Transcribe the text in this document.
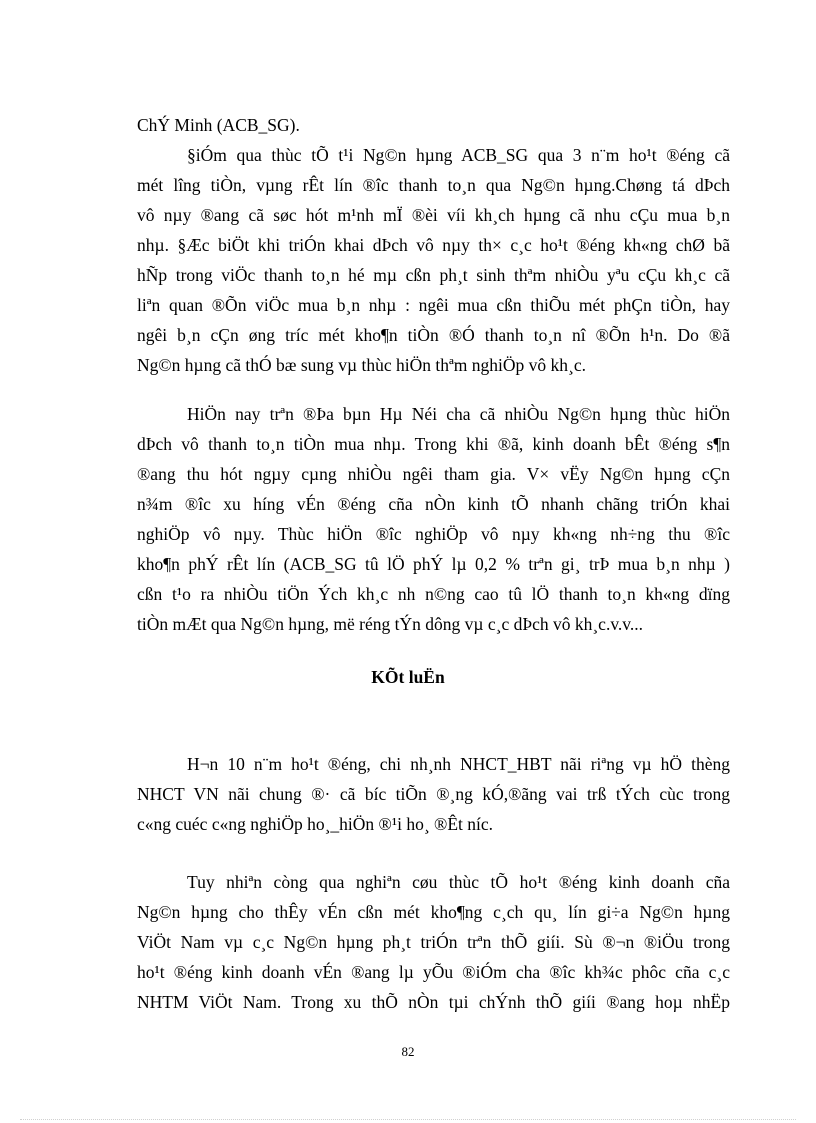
ChÝ Minh (ACB_SG).
§iÓm qua thùc tÕ t¹i Ng©n hµng ACB_SG qua 3 n¨m ho¹t ®éng cã
mét lîng tiÒn, vµng rÊt lín ®îc thanh to¸n qua Ng©n hµng.Chøng tá dÞch
vô nµy ®ang cã søc hót m¹nh mÏ ®èi víi kh¸ch hµng cã nhu cÇu mua b¸n
nhµ. §Æc biÖt khi triÓn khai dÞch vô nµy th× c¸c ho¹t ®éng kh«ng chØ bã
hÑp trong viÖc thanh to¸n hé mµ cßn ph¸t sinh thªm nhiÒu yªu cÇu kh¸c cã
liªn quan ®Õn viÖc mua b¸n nhµ : ngêi mua cßn thiÕu mét phÇn tiÒn, hay
ngêi b¸n cÇn øng tríc mét kho¶n tiÒn ®Ó thanh to¸n nî ®Õn h¹n. Do ®ã
Ng©n hµng cã thÓ bæ sung vµ thùc hiÖn thªm nghiÖp vô kh¸c.
HiÖn nay trªn ®Þa bµn Hµ Néi cha cã nhiÒu Ng©n hµng thùc hiÖn
dÞch vô thanh to¸n tiÒn mua nhµ. Trong khi ®ã, kinh doanh bÊt ®éng s¶n
®ang thu hót ngµy cµng nhiÒu ngêi tham gia. V× vËy Ng©n hµng cÇn
n¾m ®îc xu híng vÉn ®éng cña nÒn kinh tÕ nhanh chãng triÓn khai
nghiÖp vô nµy. Thùc hiÖn ®îc nghiÖp vô nµy kh«ng nh÷ng thu ®îc
kho¶n phÝ rÊt lín (ACB_SG tû lÖ phÝ lµ 0,2 % trªn gi¸ trÞ mua b¸n nhµ )
cßn t¹o ra nhiÒu tiÖn Ých kh¸c nh n©ng cao tû lÖ thanh to¸n kh«ng dïng
tiÒn mÆt qua Ng©n hµng, më réng tÝn dông vµ c¸c dÞch vô kh¸c.v.v...
KÕt luËn
H¬n 10 n¨m ho¹t ®éng, chi nh¸nh NHCT_HBT nãi riªng vµ hÖ thèng
NHCT VN nãi chung ®· cã bíc tiÕn ®¸ng kÓ,®ãng vai trß tÝch cùc trong
c«ng cuéc c«ng nghiÖp ho¸_hiÖn ®¹i ho¸ ®Êt níc.
Tuy nhiªn còng qua nghiªn cøu thùc tÕ ho¹t ®éng kinh doanh cña
Ng©n hµng cho thÊy vÉn cßn mét kho¶ng c¸ch qu¸ lín gi÷a Ng©n hµng
ViÖt Nam vµ c¸c Ng©n hµng ph¸t triÓn trªn thÕ giíi. Sù ®¬n ®iÖu trong
ho¹t ®éng kinh doanh vÉn ®ang lµ yÕu ®iÓm cha ®îc kh¾c phôc cña c¸c
NHTM ViÖt Nam. Trong xu thÕ nÒn tµi chÝnh thÕ giíi ®ang hoµ nhËp
82
